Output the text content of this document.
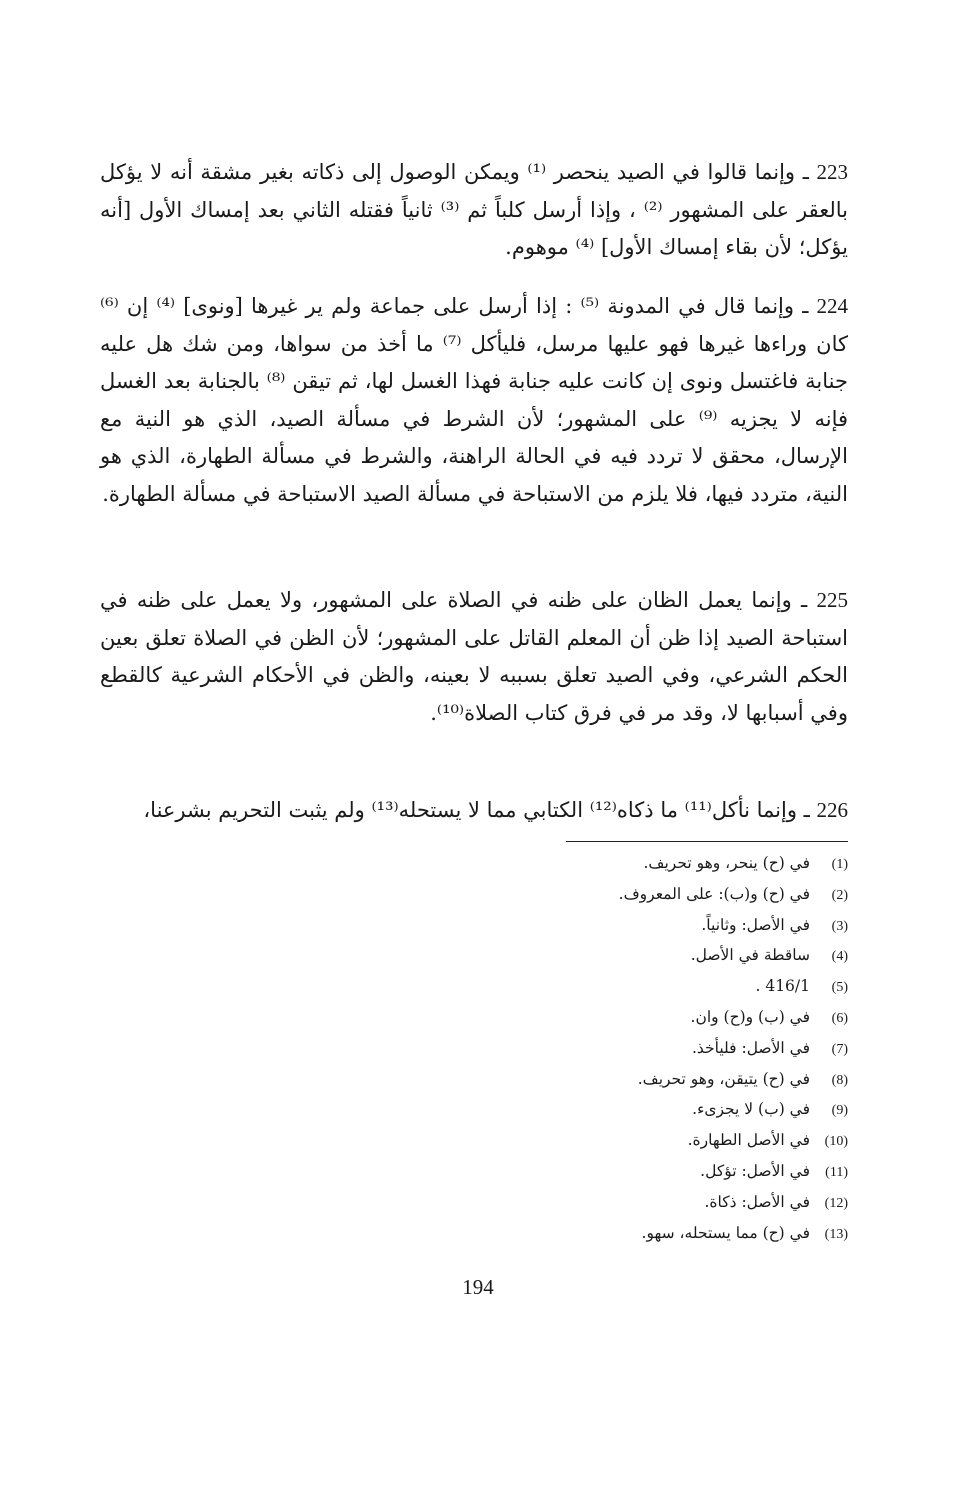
223 ـ وإنما قالوا في الصيد ينحصر ⁽¹⁾ ويمكن الوصول إلى ذكاته بغير مشقة أنه لا يؤكل بالعقر على المشهور ⁽²⁾ ، وإذا أرسل كلباً ثم ⁽³⁾ ثانياً فقتله الثاني بعد إمساك الأول [أنه يؤكل؛ لأن بقاء إمساك الأول] ⁽⁴⁾ موهوم.
224 ـ وإنما قال في المدونة ⁽⁵⁾ : إذا أرسل على جماعة ولم ير غيرها [ونوى] ⁽⁴⁾ إن ⁽⁶⁾ كان وراءها غيرها فهو عليها مرسل، فليأكل ⁽⁷⁾ ما أخذ من سواها، ومن شك هل عليه جنابة فاغتسل ونوى إن كانت عليه جنابة فهذا الغسل لها، ثم تيقن ⁽⁸⁾ بالجنابة بعد الغسل فإنه لا يجزيه ⁽⁹⁾ على المشهور؛ لأن الشرط في مسألة الصيد، الذي هو النية مع الإرسال، محقق لا تردد فيه في الحالة الراهنة، والشرط في مسألة الطهارة، الذي هو النية، متردد فيها، فلا يلزم من الاستباحة في مسألة الصيد الاستباحة في مسألة الطهارة.
225 ـ وإنما يعمل الظان على ظنه في الصلاة على المشهور، ولا يعمل على ظنه في استباحة الصيد إذا ظن أن المعلم القاتل على المشهور؛ لأن الظن في الصلاة تعلق بعين الحكم الشرعي، وفي الصيد تعلق بسببه لا بعينه، والظن في الأحكام الشرعية كالقطع وفي أسبابها لا، وقد مر في فرق كتاب الصلاة⁽¹⁰⁾.
226 ـ وإنما نأكل⁽¹¹⁾ ما ذكاه⁽¹²⁾ الكتابي مما لا يستحله⁽¹³⁾ ولم يثبت التحريم بشرعنا،
(1)في (ح) ينحر، وهو تحريف.
(2)في (ح) و(ب): على المعروف.
(3)في الأصل: وثانياً.
(4)ساقطة في الأصل.
(5)416/1 .
(6)في (ب) و(ح) وان.
(7)في الأصل: فليأخذ.
(8)في (ح) يتيقن، وهو تحريف.
(9)في (ب) لا يجزىء.
(10)في الأصل الطهارة.
(11)في الأصل: تؤكل.
(12)في الأصل: ذكاة.
(13)في (ح) مما يستحله، سهو.
194
